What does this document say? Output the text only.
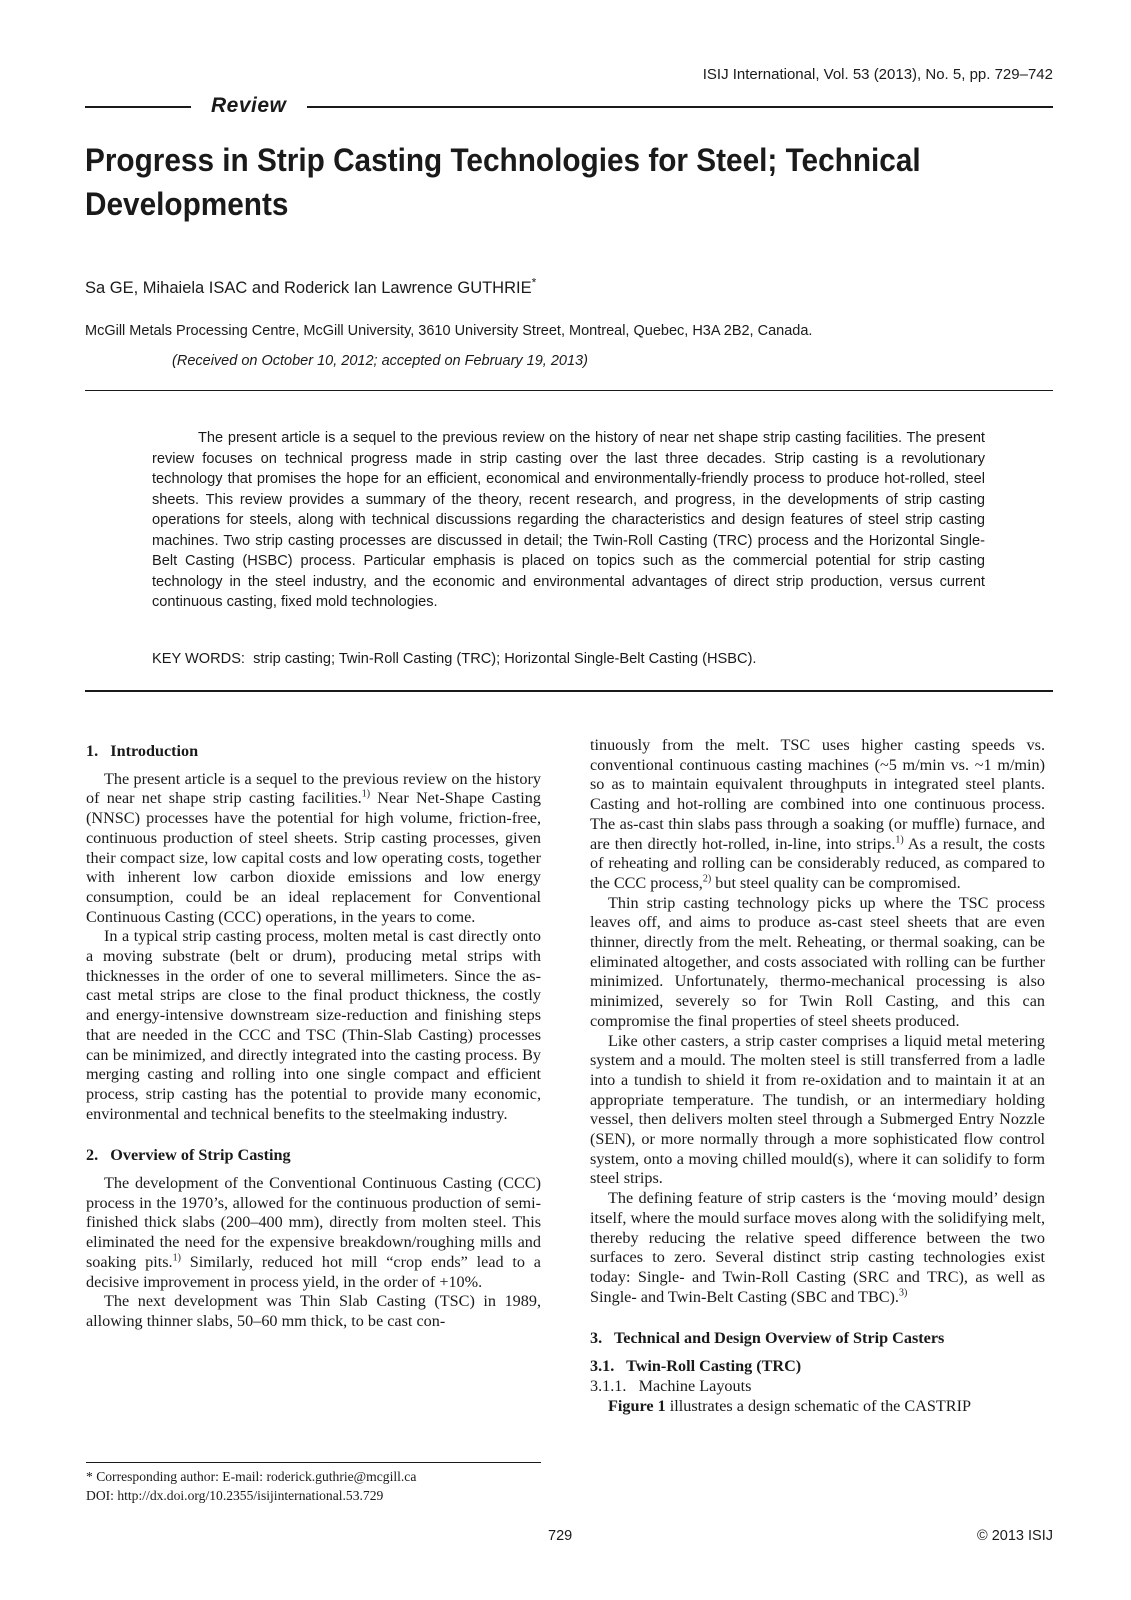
ISIJ International, Vol. 53 (2013), No. 5, pp. 729–742
Review
Progress in Strip Casting Technologies for Steel; Technical
Developments
Sa GE, Mihaiela ISAC and Roderick Ian Lawrence GUTHRIE*
McGill Metals Processing Centre, McGill University, 3610 University Street, Montreal, Quebec, H3A 2B2, Canada.
(Received on October 10, 2012; accepted on February 19, 2013)

The present article is a sequel to the previous review on the history of near net shape strip casting facilities. The present review focuses on technical progress made in strip casting over the last three decades. Strip casting is a revolutionary technology that promises the hope for an efficient, economical and environmentally-friendly process to produce hot-rolled, steel sheets. This review provides a summary of the theory, recent research, and progress, in the developments of strip casting operations for steels, along with technical discussions regarding the characteristics and design features of steel strip casting machines. Two strip casting processes are discussed in detail; the Twin-Roll Casting (TRC) process and the Horizontal Single-Belt Casting (HSBC) process. Particular emphasis is placed on topics such as the commercial potential for strip casting technology in the steel industry, and the economic and environmental advantages of direct strip production, versus current continuous casting, fixed mold technologies.

KEY WORDS: strip casting; Twin-Roll Casting (TRC); Horizontal Single-Belt Casting (HSBC).

1.   Introduction

The present article is a sequel to the previous review on the history of near net shape strip casting facilities.$^{1)}$ Near Net-Shape Casting (NNSC) processes have the potential for high volume, friction-free, continuous production of steel sheets. Strip casting processes, given their compact size, low capital costs and low operating costs, together with inherent low carbon dioxide emissions and low energy consumption, could be an ideal replacement for Conventional Continuous Casting (CCC) operations, in the years to come.

In a typical strip casting process, molten metal is cast directly onto a moving substrate (belt or drum), producing metal strips with thicknesses in the order of one to several millimeters. Since the as-cast metal strips are close to the final product thickness, the costly and energy-intensive downstream size-reduction and finishing steps that are needed in the CCC and TSC (Thin-Slab Casting) processes can be minimized, and directly integrated into the casting process. By merging casting and rolling into one single compact and efficient process, strip casting has the potential to provide many economic, environmental and technical benefits to the steelmaking industry.

2.   Overview of Strip Casting

The development of the Conventional Continuous Casting (CCC) process in the 1970’s, allowed for the continuous production of semi-finished thick slabs (200–400 mm), directly from molten steel. This eliminated the need for the expensive breakdown/roughing mills and soaking pits.$^{1)}$ Similarly, reduced hot mill “crop ends” lead to a decisive improvement in process yield, in the order of +10%.

The next development was Thin Slab Casting (TSC) in 1989, allowing thinner slabs, 50–60 mm thick, to be cast con-

tinuously from the melt. TSC uses higher casting speeds vs. conventional continuous casting machines (~5 m/min vs. ~1 m/min) so as to maintain equivalent throughputs in integrated steel plants. Casting and hot-rolling are combined into one continuous process. The as-cast thin slabs pass through a soaking (or muffle) furnace, and are then directly hot-rolled, in-line, into strips.$^{1)}$ As a result, the costs of reheating and rolling can be considerably reduced, as compared to the CCC process,$^{2)}$ but steel quality can be compromised.

Thin strip casting technology picks up where the TSC process leaves off, and aims to produce as-cast steel sheets that are even thinner, directly from the melt. Reheating, or thermal soaking, can be eliminated altogether, and costs associated with rolling can be further minimized. Unfortunately, thermo-mechanical processing is also minimized, severely so for Twin Roll Casting, and this can compromise the final properties of steel sheets produced.

Like other casters, a strip caster comprises a liquid metal metering system and a mould. The molten steel is still transferred from a ladle into a tundish to shield it from re-oxidation and to maintain it at an appropriate temperature. The tundish, or an intermediary holding vessel, then delivers molten steel through a Submerged Entry Nozzle (SEN), or more normally through a more sophisticated flow control system, onto a moving chilled mould(s), where it can solidify to form steel strips.

The defining feature of strip casters is the ‘moving mould’ design itself, where the mould surface moves along with the solidifying melt, thereby reducing the relative speed difference between the two surfaces to zero. Several distinct strip casting technologies exist today: Single- and Twin-Roll Casting (SRC and TRC), as well as Single- and Twin-Belt Casting (SBC and TBC).$^{3)}$

3.   Technical and Design Overview of Strip Casters

3.1.   Twin-Roll Casting (TRC)

3.1.1.   Machine Layouts

Figure 1 illustrates a design schematic of the CASTRIP

* Corresponding author: E-mail: roderick.guthrie@mcgill.ca
DOI: http://dx.doi.org/10.2355/isijinternational.53.729
729	© 2013 ISIJ
